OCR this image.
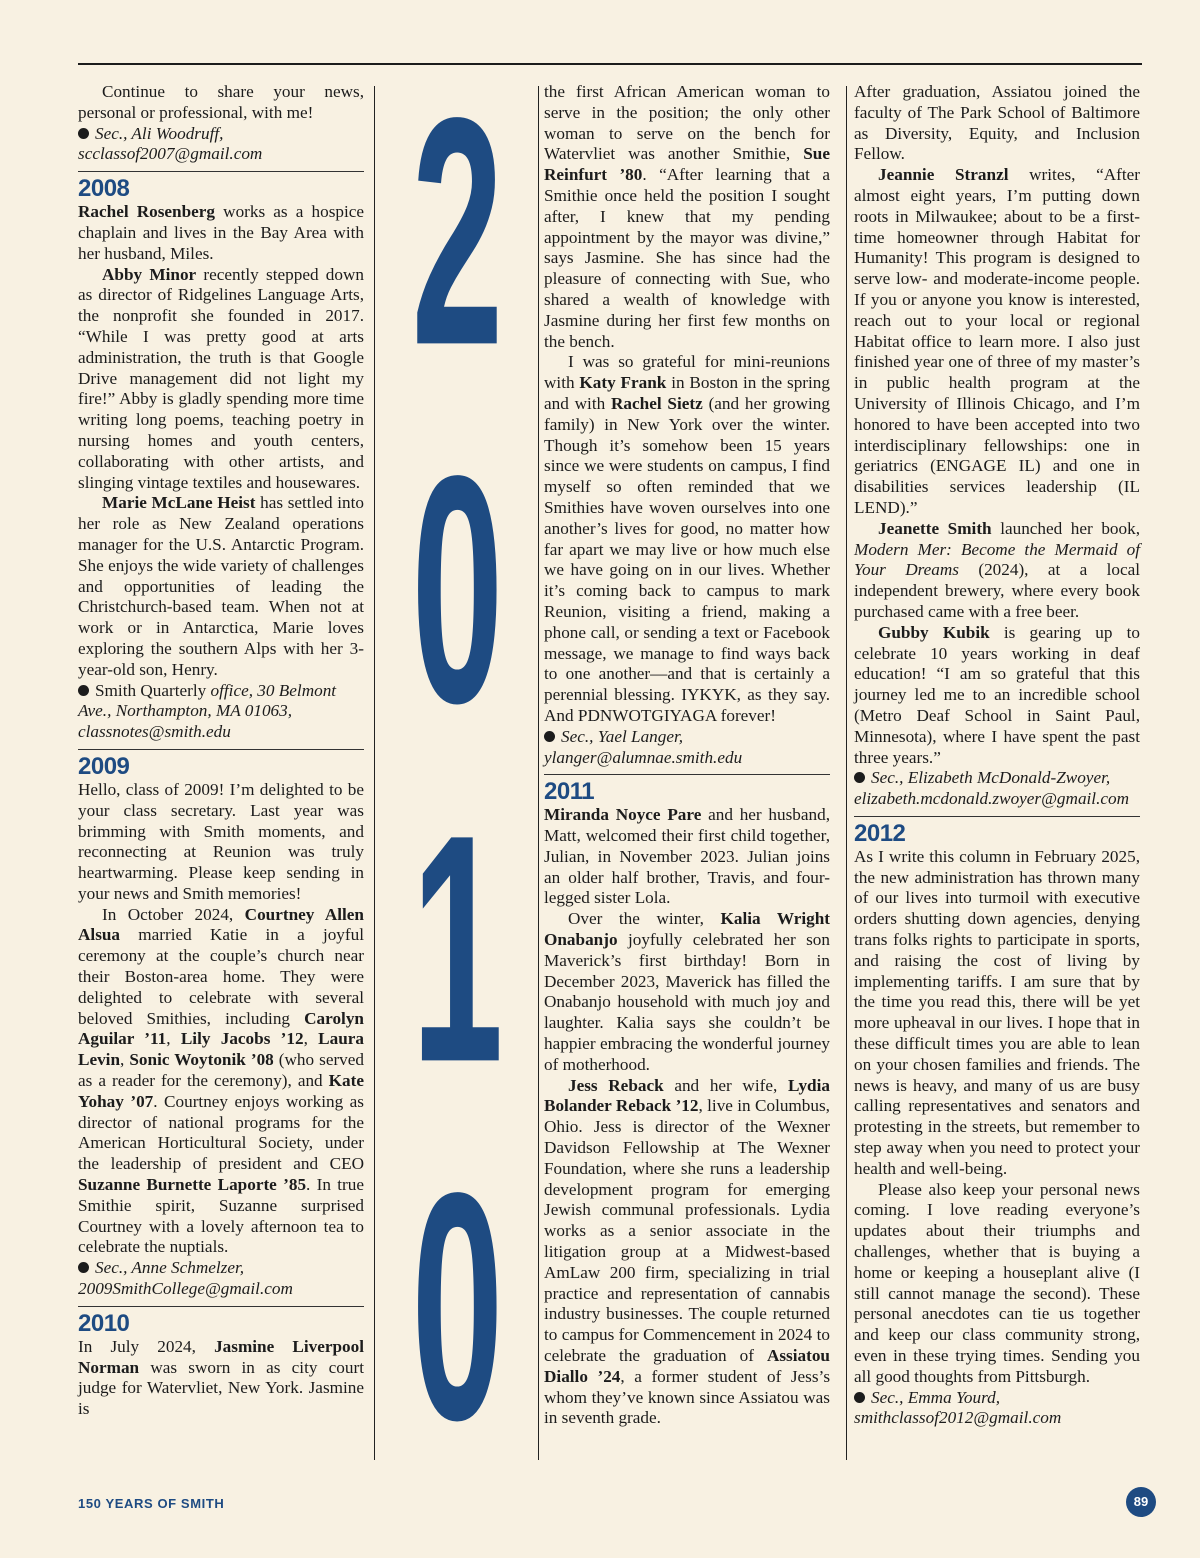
Continue to share your news, personal or professional, with me!

Sec., Ali Woodruff, scclassof2007@gmail.com

2008

Rachel Rosenberg works as a hospice chaplain and lives in the Bay Area with her husband, Miles.

Abby Minor recently stepped down as director of Ridgelines Language Arts, the nonprofit she founded in 2017. “While I was pretty good at arts administration, the truth is that Google Drive management did not light my fire!” Abby is gladly spending more time writing long poems, teaching poetry in nursing homes and youth centers, collaborating with other artists, and slinging vintage textiles and housewares.

Marie McLane Heist has settled into her role as New Zealand operations manager for the U.S. Antarctic Program. She enjoys the wide variety of challenges and opportunities of leading the Christchurch-based team. When not at work or in Antarctica, Marie loves exploring the southern Alps with her 3-year-old son, Henry.

Smith Quarterly office, 30 Belmont Ave., Northampton, MA 01063, classnotes@smith.edu

2009

Hello, class of 2009! I’m delighted to be your class secretary. Last year was brimming with Smith moments, and reconnecting at Reunion was truly heartwarming. Please keep sending in your news and Smith memories!

In October 2024, Courtney Allen Alsua married Katie in a joyful ceremony at the couple’s church near their Boston-area home. They were delighted to celebrate with several beloved Smithies, including Carolyn Aguilar ’11, Lily Jacobs ’12, Laura Levin, Sonic Woytonik ’08 (who served as a reader for the ceremony), and Kate Yohay ’07. Courtney enjoys working as director of national programs for the American Horticultural Society, under the leadership of president and CEO Suzanne Burnette Laporte ’85. In true Smithie spirit, Suzanne surprised Courtney with a lovely afternoon tea to celebrate the nuptials.

Sec., Anne Schmelzer, 2009SmithCollege@gmail.com

2010

In July 2024, Jasmine Liverpool Norman was sworn in as city court judge for Watervliet, New York. Jasmine is

2
0
1
0

the first African American woman to serve in the position; the only other woman to serve on the bench for Watervliet was another Smithie, Sue Reinfurt ’80. “After learning that a Smithie once held the position I sought after, I knew that my pending appointment by the mayor was divine,” says Jasmine. She has since had the pleasure of connecting with Sue, who shared a wealth of knowledge with Jasmine during her first few months on the bench.

I was so grateful for mini-reunions with Katy Frank in Boston in the spring and with Rachel Sietz (and her growing family) in New York over the winter. Though it’s somehow been 15 years since we were students on campus, I find myself so often reminded that we Smithies have woven ourselves into one another’s lives for good, no matter how far apart we may live or how much else we have going on in our lives. Whether it’s coming back to campus to mark Reunion, visiting a friend, making a phone call, or sending a text or Facebook message, we manage to find ways back to one another—and that is certainly a perennial blessing. IYKYK, as they say. And PDNWOTGIYAGA forever!

Sec., Yael Langer, ylanger@alumnae.smith.edu

2011

Miranda Noyce Pare and her husband, Matt, welcomed their first child together, Julian, in November 2023. Julian joins an older half brother, Travis, and four-legged sister Lola.

Over the winter, Kalia Wright Onabanjo joyfully celebrated her son Maverick’s first birthday! Born in December 2023, Maverick has filled the Onabanjo household with much joy and laughter. Kalia says she couldn’t be happier embracing the wonderful journey of motherhood.

Jess Reback and her wife, Lydia Bolander Reback ’12, live in Columbus, Ohio. Jess is director of the Wexner Davidson Fellowship at The Wexner Foundation, where she runs a leadership development program for emerging Jewish communal professionals. Lydia works as a senior associate in the litigation group at a Midwest-based AmLaw 200 firm, specializing in trial practice and representation of cannabis industry businesses. The couple returned to campus for Commencement in 2024 to celebrate the graduation of Assiatou Diallo ’24, a former student of Jess’s whom they’ve known since Assiatou was in seventh grade.

After graduation, Assiatou joined the faculty of The Park School of Baltimore as Diversity, Equity, and Inclusion Fellow.

Jeannie Stranzl writes, “After almost eight years, I’m putting down roots in Milwaukee; about to be a first-time homeowner through Habitat for Humanity! This program is designed to serve low- and moderate-income people. If you or anyone you know is interested, reach out to your local or regional Habitat office to learn more. I also just finished year one of three of my master’s in public health program at the University of Illinois Chicago, and I’m honored to have been accepted into two interdisciplinary fellowships: one in geriatrics (ENGAGE IL) and one in disabilities services leadership (IL LEND).”

Jeanette Smith launched her book, Modern Mer: Become the Mermaid of Your Dreams (2024), at a local independent brewery, where every book purchased came with a free beer.

Gubby Kubik is gearing up to celebrate 10 years working in deaf education! “I am so grateful that this journey led me to an incredible school (Metro Deaf School in Saint Paul, Minnesota), where I have spent the past three years.”

Sec., Elizabeth McDonald-Zwoyer, elizabeth.mcdonald.zwoyer@gmail.com

2012

As I write this column in February 2025, the new administration has thrown many of our lives into turmoil with executive orders shutting down agencies, denying trans folks rights to participate in sports, and raising the cost of living by implementing tariffs. I am sure that by the time you read this, there will be yet more upheaval in our lives. I hope that in these difficult times you are able to lean on your chosen families and friends. The news is heavy, and many of us are busy calling representatives and senators and protesting in the streets, but remember to step away when you need to protect your health and well-being.

Please also keep your personal news coming. I love reading everyone’s updates about their triumphs and challenges, whether that is buying a home or keeping a houseplant alive (I still cannot manage the second). These personal anecdotes can tie us together and keep our class community strong, even in these trying times. Sending you all good thoughts from Pittsburgh.

Sec., Emma Yourd, smithclassof2012@gmail.com

150 YEARS OF SMITH	89
